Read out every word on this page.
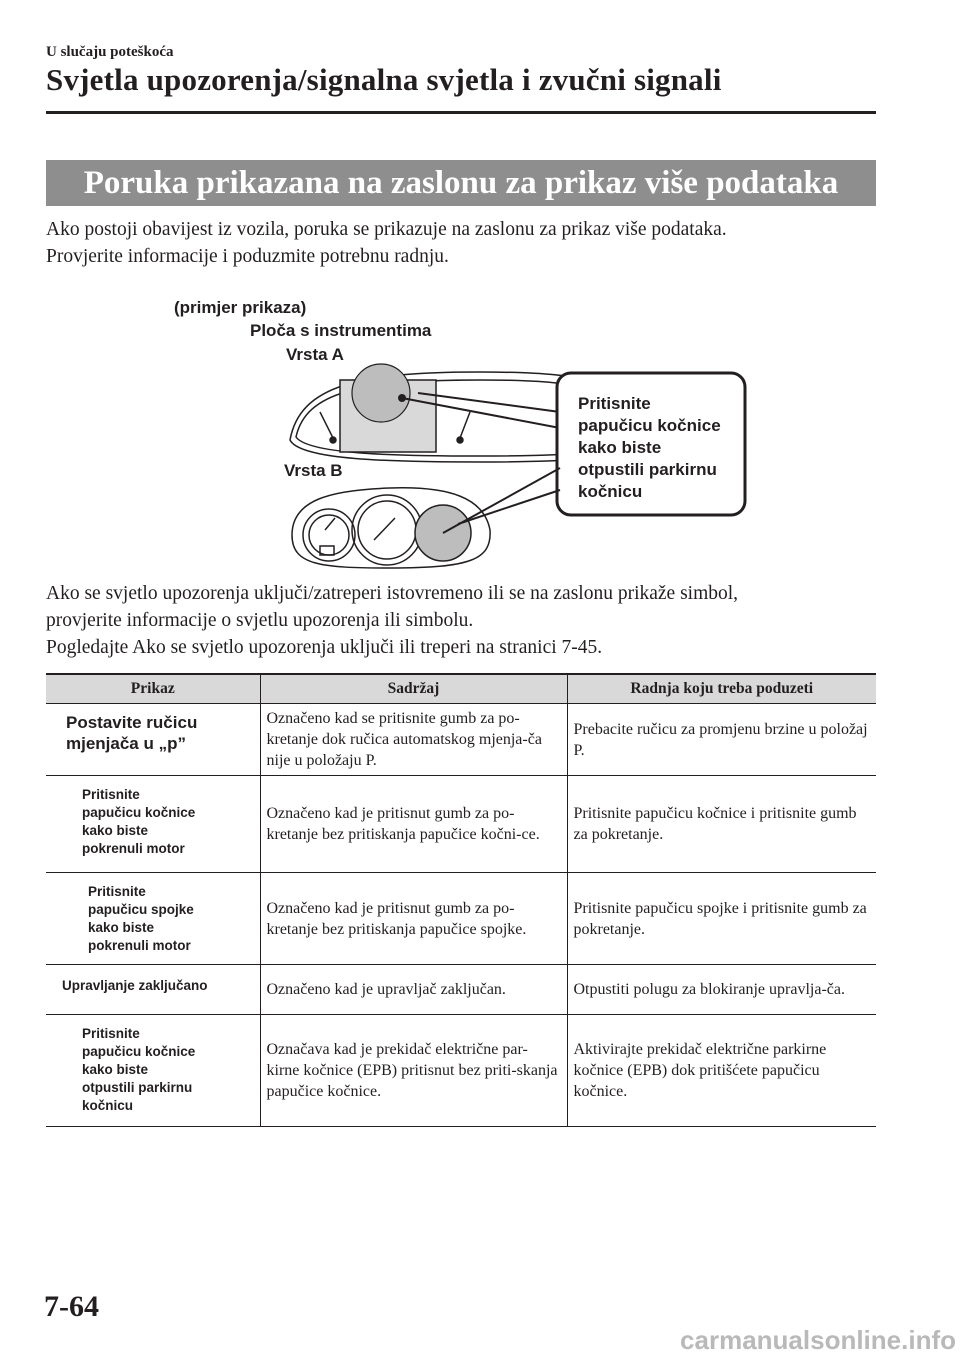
U slučaju poteškoća
Svjetla upozorenja/signalna svjetla i zvučni signali
Poruka prikazana na zaslonu za prikaz više podataka

Ako postoji obavijest iz vozila, poruka se prikazuje na zaslonu za prikaz više podataka.
Provjerite informacije i poduzmite potrebnu radnju.

(primjer prikaza)
Ploča s instrumentima
Vrsta A
Vrsta B
Pritisnite
papučicu kočnice
kako biste
otpustili parkirnu
kočnicu

Ako se svjetlo upozorenja uključi/zatreperi istovremeno ili se na zaslonu prikaže simbol,
provjerite informacije o svjetlu upozorenja ili simbolu.
Pogledajte Ako se svjetlo upozorenja uključi ili treperi na stranici 7-45.

Prikaz	Sadržaj	Radnja koju treba poduzeti

Postavite ručicu
mjenjača u „p”	Označeno kad se pritisnite gumb za po-kretanje dok ručica automatskog mjenja-ča nije u položaju P.	Prebacite ručicu za promjenu brzine u položaj P.

Pritisnite
papučicu kočnice
kako biste
pokrenuli motor	Označeno kad je pritisnut gumb za po-kretanje bez pritiskanja papučice kočni-ce.	Pritisnite papučicu kočnice i pritisnite gumb za pokretanje.

Pritisnite
papučicu spojke
kako biste
pokrenuli motor	Označeno kad je pritisnut gumb za po-kretanje bez pritiskanja papučice spojke.	Pritisnite papučicu spojke i pritisnite gumb za pokretanje.

Upravljanje zaključano	Označeno kad je upravljač zaključan.	Otpustiti polugu za blokiranje upravlja-ča.

Pritisnite
papučicu kočnice
kako biste
otpustili parkirnu
kočnicu	Označava kad je prekidač električne par-kirne kočnice (EPB) pritisnut bez priti-skanja papučice kočnice.	Aktivirajte prekidač električne parkirne kočnice (EPB) dok pritišćete papučicu kočnice.
7-64
carmanualsonline.info
